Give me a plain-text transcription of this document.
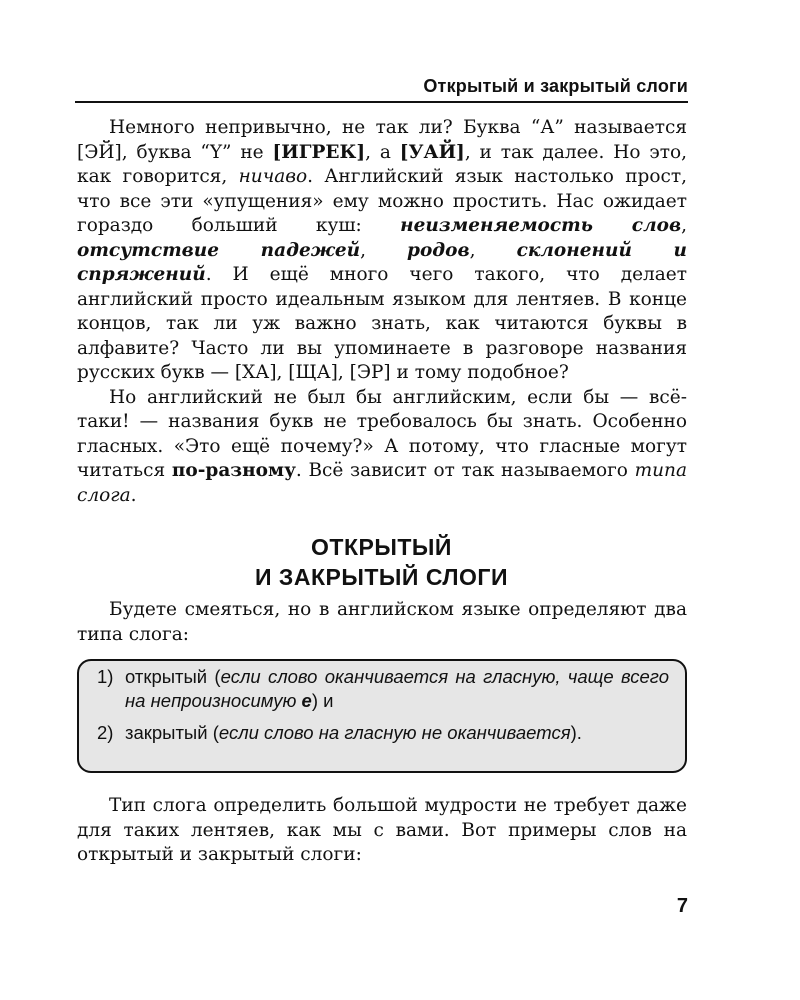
Открытый и закрытый слоги

Немного непривычно, не так ли? Буква “А” называется [ЭЙ], буква “Y” не [ИГРЕК], а [УАЙ], и так далее. Но это, как говорится, ничаво. Английский язык настолько прост, что все эти «упущения» ему можно простить. Нас ожидает гораздо больший куш: неизменяемость слов, отсутствие падежей, родов, склонений и спряжений. И ещё много чего такого, что делает английский просто идеальным языком для лентяев. В конце концов, так ли уж важно знать, как читаются буквы в алфавите? Часто ли вы упоминаете в разговоре названия русских букв — [ХА], [ЩА], [ЭР] и тому подобное?

Но английский не был бы английским, если бы — всётаки! — названия букв не требовалось бы знать. Особенно гласных. «Это ещё почему?» А потому, что гласные могут читаться по-разному. Всё зависит от так называемого типа слога.

ОТКРЫТЫЙ
И ЗАКРЫТЫЙ СЛОГИ

Будете смеяться, но в английском языке определяют два типа слога:

1) открытый (если слово оканчивается на гласную, чаще всего на непроизносимую е) и
2) закрытый (если слово на гласную не оканчивается).

Тип слога определить большой мудрости не требует даже для таких лентяев, как мы с вами. Вот примеры слов на открытый и закрытый слоги:

7
